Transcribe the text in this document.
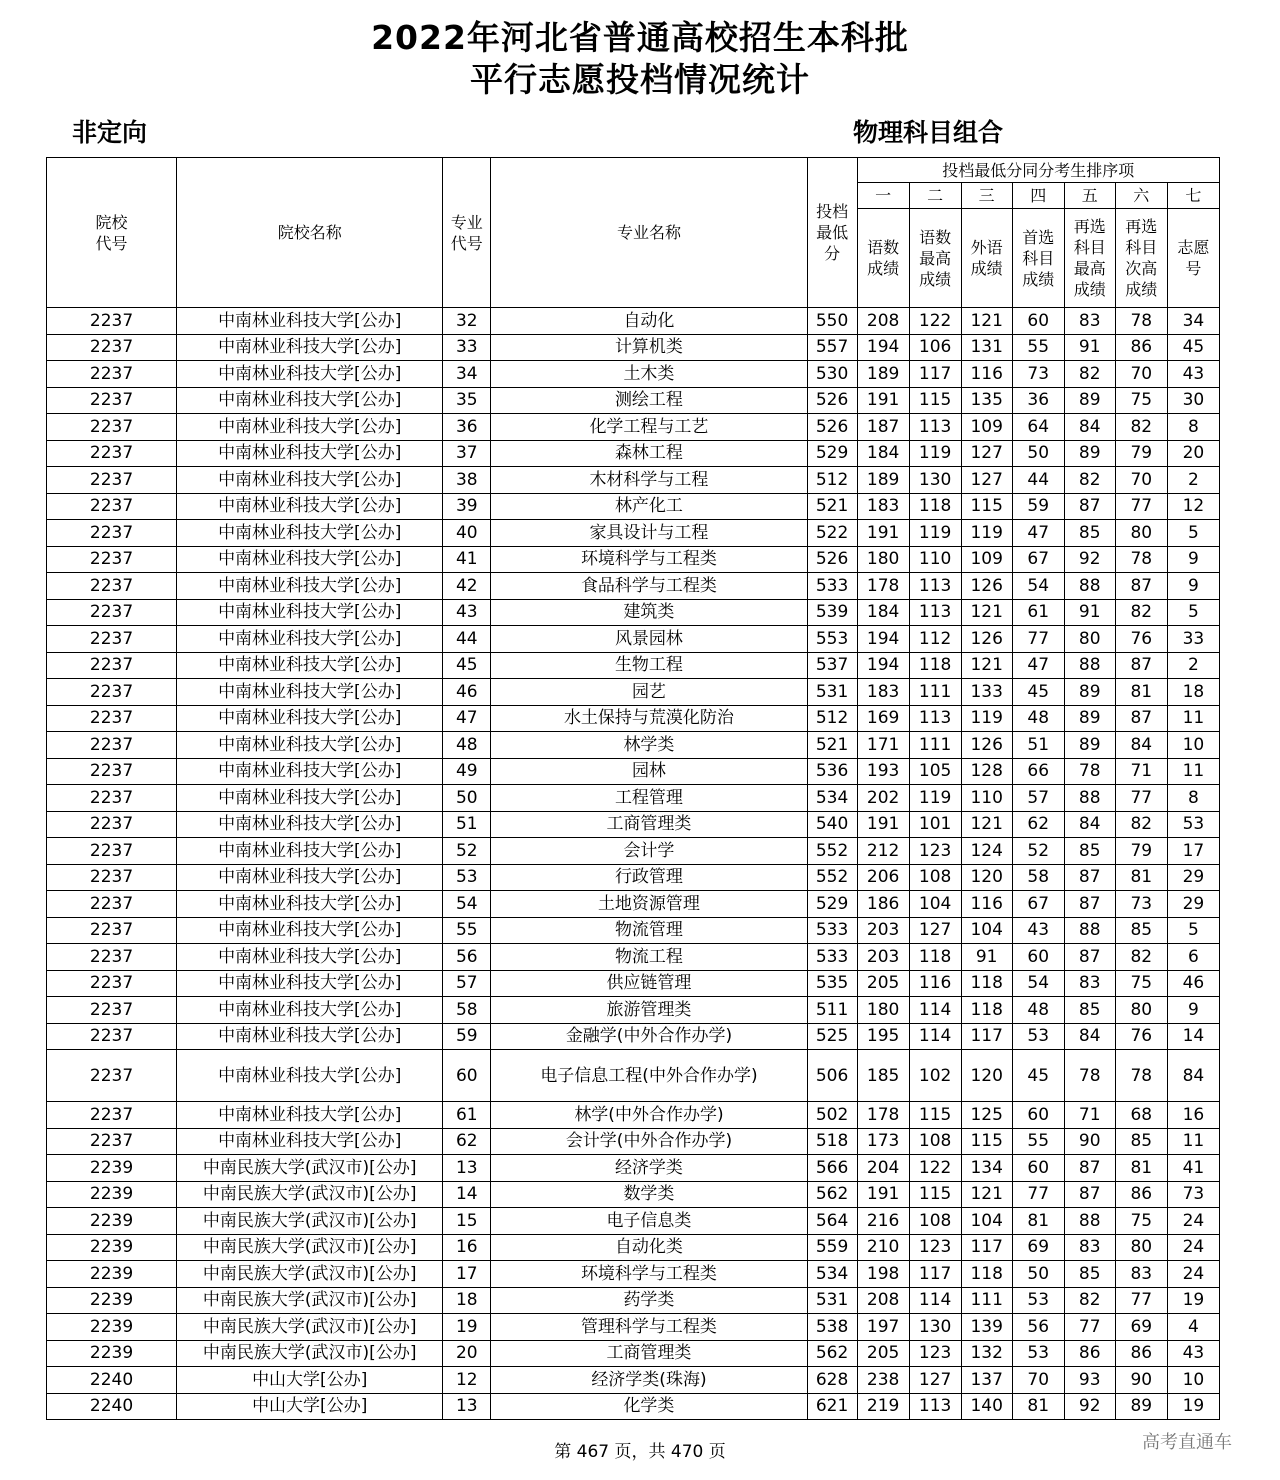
2022年河北省普通高校招生本科批
平行志愿投档情况统计
非定向	物理科目组合
院校代号	院校名称	专业代号	专业名称	投档最低分	投档最低分同分考生排序项						
					一	二	三	四	五	六	七
					语数成绩	语数最高成绩	外语成绩	首选科目成绩	再选科目最高成绩	再选科目次高成绩	志愿号
2237	中南林业科技大学[公办]	32	自动化	550	208	122	121	60	83	78	34
2237	中南林业科技大学[公办]	33	计算机类	557	194	106	131	55	91	86	45
2237	中南林业科技大学[公办]	34	土木类	530	189	117	116	73	82	70	43
2237	中南林业科技大学[公办]	35	测绘工程	526	191	115	135	36	89	75	30
2237	中南林业科技大学[公办]	36	化学工程与工艺	526	187	113	109	64	84	82	8
2237	中南林业科技大学[公办]	37	森林工程	529	184	119	127	50	89	79	20
2237	中南林业科技大学[公办]	38	木材科学与工程	512	189	130	127	44	82	70	2
2237	中南林业科技大学[公办]	39	林产化工	521	183	118	115	59	87	77	12
2237	中南林业科技大学[公办]	40	家具设计与工程	522	191	119	119	47	85	80	5
2237	中南林业科技大学[公办]	41	环境科学与工程类	526	180	110	109	67	92	78	9
2237	中南林业科技大学[公办]	42	食品科学与工程类	533	178	113	126	54	88	87	9
2237	中南林业科技大学[公办]	43	建筑类	539	184	113	121	61	91	82	5
2237	中南林业科技大学[公办]	44	风景园林	553	194	112	126	77	80	76	33
2237	中南林业科技大学[公办]	45	生物工程	537	194	118	121	47	88	87	2
2237	中南林业科技大学[公办]	46	园艺	531	183	111	133	45	89	81	18
2237	中南林业科技大学[公办]	47	水土保持与荒漠化防治	512	169	113	119	48	89	87	11
2237	中南林业科技大学[公办]	48	林学类	521	171	111	126	51	89	84	10
2237	中南林业科技大学[公办]	49	园林	536	193	105	128	66	78	71	11
2237	中南林业科技大学[公办]	50	工程管理	534	202	119	110	57	88	77	8
2237	中南林业科技大学[公办]	51	工商管理类	540	191	101	121	62	84	82	53
2237	中南林业科技大学[公办]	52	会计学	552	212	123	124	52	85	79	17
2237	中南林业科技大学[公办]	53	行政管理	552	206	108	120	58	87	81	29
2237	中南林业科技大学[公办]	54	土地资源管理	529	186	104	116	67	87	73	29
2237	中南林业科技大学[公办]	55	物流管理	533	203	127	104	43	88	85	5
2237	中南林业科技大学[公办]	56	物流工程	533	203	118	91	60	87	82	6
2237	中南林业科技大学[公办]	57	供应链管理	535	205	116	118	54	83	75	46
2237	中南林业科技大学[公办]	58	旅游管理类	511	180	114	118	48	85	80	9
2237	中南林业科技大学[公办]	59	金融学(中外合作办学)	525	195	114	117	53	84	76	14
2237	中南林业科技大学[公办]	60	电子信息工程(中外合作办学)	506	185	102	120	45	78	78	84
2237	中南林业科技大学[公办]	61	林学(中外合作办学)	502	178	115	125	60	71	68	16
2237	中南林业科技大学[公办]	62	会计学(中外合作办学)	518	173	108	115	55	90	85	11
2239	中南民族大学(武汉市)[公办]	13	经济学类	566	204	122	134	60	87	81	41
2239	中南民族大学(武汉市)[公办]	14	数学类	562	191	115	121	77	87	86	73
2239	中南民族大学(武汉市)[公办]	15	电子信息类	564	216	108	104	81	88	75	24
2239	中南民族大学(武汉市)[公办]	16	自动化类	559	210	123	117	69	83	80	24
2239	中南民族大学(武汉市)[公办]	17	环境科学与工程类	534	198	117	118	50	85	83	24
2239	中南民族大学(武汉市)[公办]	18	药学类	531	208	114	111	53	82	77	19
2239	中南民族大学(武汉市)[公办]	19	管理科学与工程类	538	197	130	139	56	77	69	4
2239	中南民族大学(武汉市)[公办]	20	工商管理类	562	205	123	132	53	86	86	43
2240	中山大学[公办]	12	经济学类(珠海)	628	238	127	137	70	93	90	10
2240	中山大学[公办]	13	化学类	621	219	113	140	81	92	89	19
第 467 页，共 470 页	高考直通车
